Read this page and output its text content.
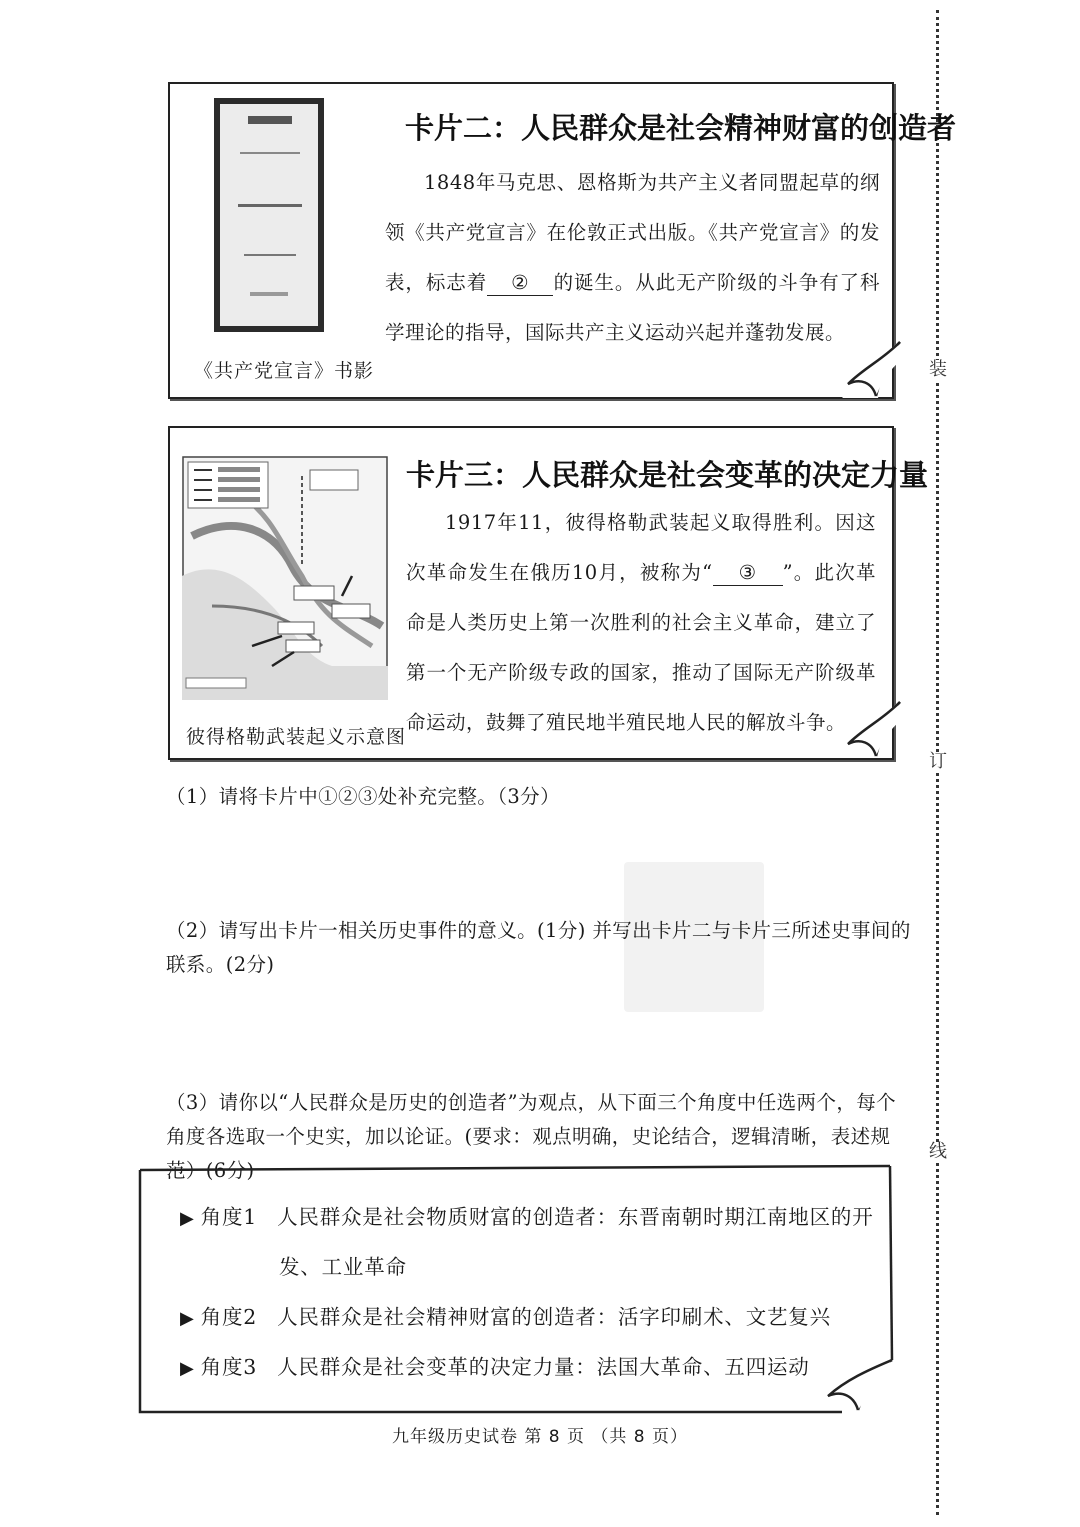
装
订
线
《共产党宣言》书影
卡片二：人民群众是社会精神财富的创造者
1848年马克思、恩格斯为共产主义者同盟起草的纲领《共产党宣言》在伦敦正式出版。《共产党宣言》的发表，标志着 ② 的诞生。从此无产阶级的斗争有了科学理论的指导，国际共产主义运动兴起并蓬勃发展。
彼得格勒武装起义示意图
卡片三：人民群众是社会变革的决定力量
1917年11，彼得格勒武装起义取得胜利。因这次革命发生在俄历10月，被称为“ ③ ”。此次革命是人类历史上第一次胜利的社会主义革命，建立了第一个无产阶级专政的国家，推动了国际无产阶级革命运动，鼓舞了殖民地半殖民地人民的解放斗争。
（1）请将卡片中①②③处补充完整。（3分）
（2）请写出卡片一相关历史事件的意义。(1分) 并写出卡片二与卡片三所述史事间的联系。(2分)
（3）请你以“人民群众是历史的创造者”为观点，从下面三个角度中任选两个，每个角度各选取一个史实，加以论证。(要求：观点明确，史论结合，逻辑清晰，表述规范）(6分)
▶ 角度1 人民群众是社会物质财富的创造者：东晋南朝时期江南地区的开
发、工业革命
▶ 角度2 人民群众是社会精神财富的创造者：活字印刷术、文艺复兴
▶ 角度3 人民群众是社会变革的决定力量：法国大革命、五四运动
九年级历史试卷 第 8 页 （共 8 页）
